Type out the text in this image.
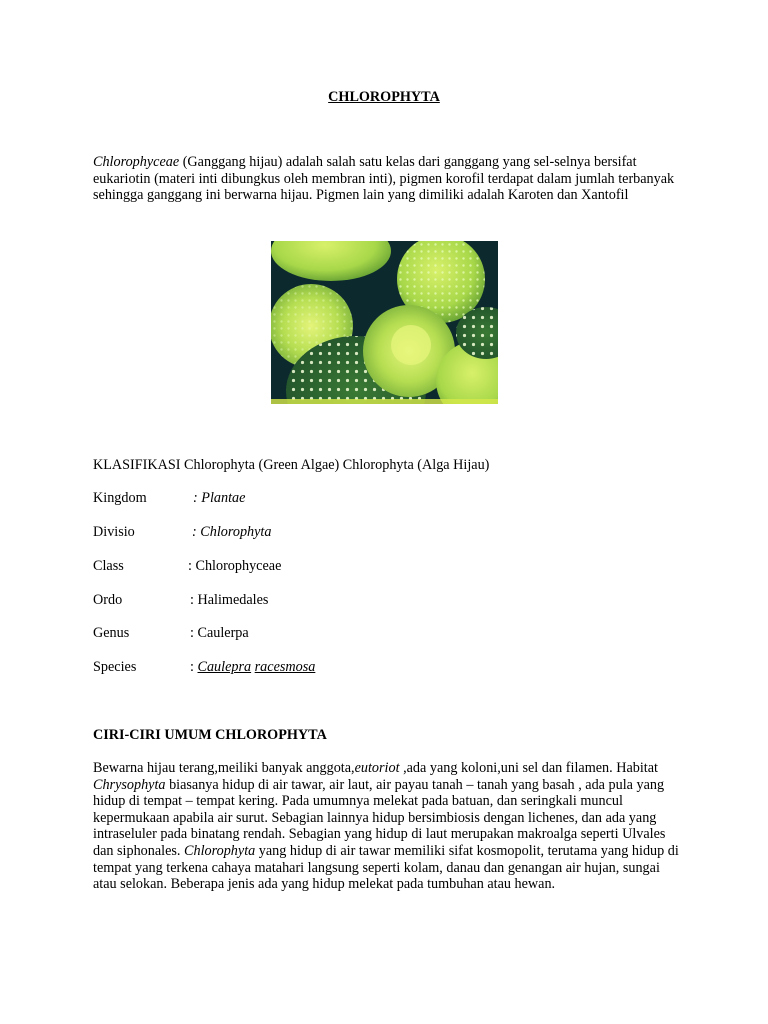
CHLOROPHYTA

Chlorophyceae (Ganggang hijau) adalah salah satu kelas dari ganggang yang sel-selnya bersifat eukariotin (materi inti dibungkus oleh membran inti), pigmen korofil terdapat dalam jumlah terbanyak sehingga ganggang ini berwarna hijau. Pigmen lain yang dimiliki adalah Karoten dan Xantofil

KLASIFIKASI Chlorophyta (Green Algae) Chlorophyta (Alga Hijau)
Kingdom	: Plantae
Divisio	: Chlorophyta
Class	: Chlorophyceae
Ordo	: Halimedales
Genus	: Caulerpa
Species	: Caulepra racesmosa
CIRI-CIRI UMUM CHLOROPHYTA

Bewarna hijau terang,meiliki banyak anggota,eutoriot ,ada yang koloni,uni sel dan filamen. Habitat Chrysophyta biasanya hidup di air tawar, air laut, air payau tanah – tanah yang basah , ada pula yang hidup di tempat – tempat kering. Pada umumnya melekat pada batuan, dan seringkali muncul kepermukaan apabila air surut. Sebagian lainnya hidup bersimbiosis dengan lichenes, dan ada yang intraseluler pada binatang rendah. Sebagian yang hidup di laut merupakan makroalga seperti Ulvales dan siphonales. Chlorophyta yang hidup di air tawar memiliki sifat kosmopolit, terutama yang hidup di tempat yang terkena cahaya matahari langsung seperti kolam, danau dan genangan air hujan, sungai atau selokan. Beberapa jenis ada yang hidup melekat pada tumbuhan atau hewan.
